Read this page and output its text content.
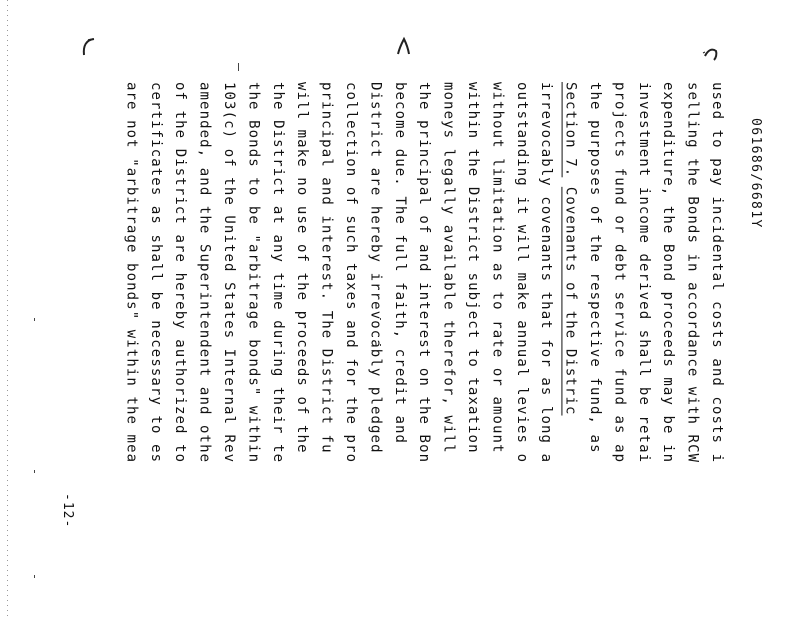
061686/6681Y
used to pay incidental costs and costs i
selling the Bonds in accordance with RCW
expenditure, the Bond proceeds may be in
investment income derived shall be retai
projects fund or debt service fund as ap
the purposes of the respective fund, as
Section 7. Covenants of the Distric
irrevocably covenants that for as long a
outstanding it will make annual levies o
without limitation as to rate or amount
within the District subject to taxation
moneys legally available therefor, will
the principal of and interest on the Bon
become due. The full faith, credit and
District are hereby irrevocably pledged
collection of such taxes and for the pro
principal and interest. The District fu
will make no use of the proceeds of the
the District at any time during their te
the Bonds to be "arbitrage bonds" within
103(c) of the United States Internal Rev
amended, and the Superintendent and othe
of the District are hereby authorized to
certificates as shall be necessary to es
are not "arbitrage bonds" within the mea
-12-
